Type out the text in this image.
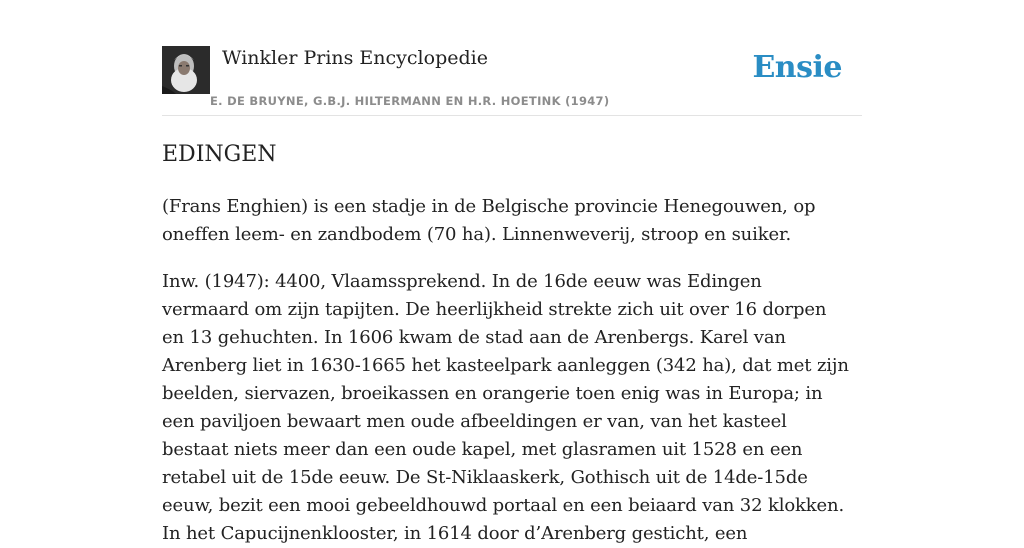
Winkler Prins Encyclopedie
E. DE BRUYNE, G.B.J. HILTERMANN EN H.R. HOETINK (1947)
Ensie
EDINGEN

(Frans Enghien) is een stadje in de Belgische provincie Henegouwen, op oneffen leem- en zandbodem (70 ha). Linnenweverij, stroop en suiker.

Inw. (1947): 4400, Vlaamssprekend. In de 16de eeuw was Edingen vermaard om zijn tapijten. De heerlijkheid strekte zich uit over 16 dorpen en 13 gehuchten. In 1606 kwam de stad aan de Arenbergs. Karel van Arenberg liet in 1630-1665 het kasteelpark aanleggen (342 ha), dat met zijn beelden, siervazen, broeikassen en orangerie toen enig was in Europa; in een paviljoen bewaart men oude afbeeldingen er van, van het kasteel bestaat niets meer dan een oude kapel, met glasramen uit 1528 en een retabel uit de 15de eeuw. De St-Niklaaskerk, Gothisch uit de 14de-15de eeuw, bezit een mooi gebeeldhouwd portaal en een beiaard van 32 klokken. In het Capucijnenklooster, in 1614 door d’Arenberg gesticht, een
